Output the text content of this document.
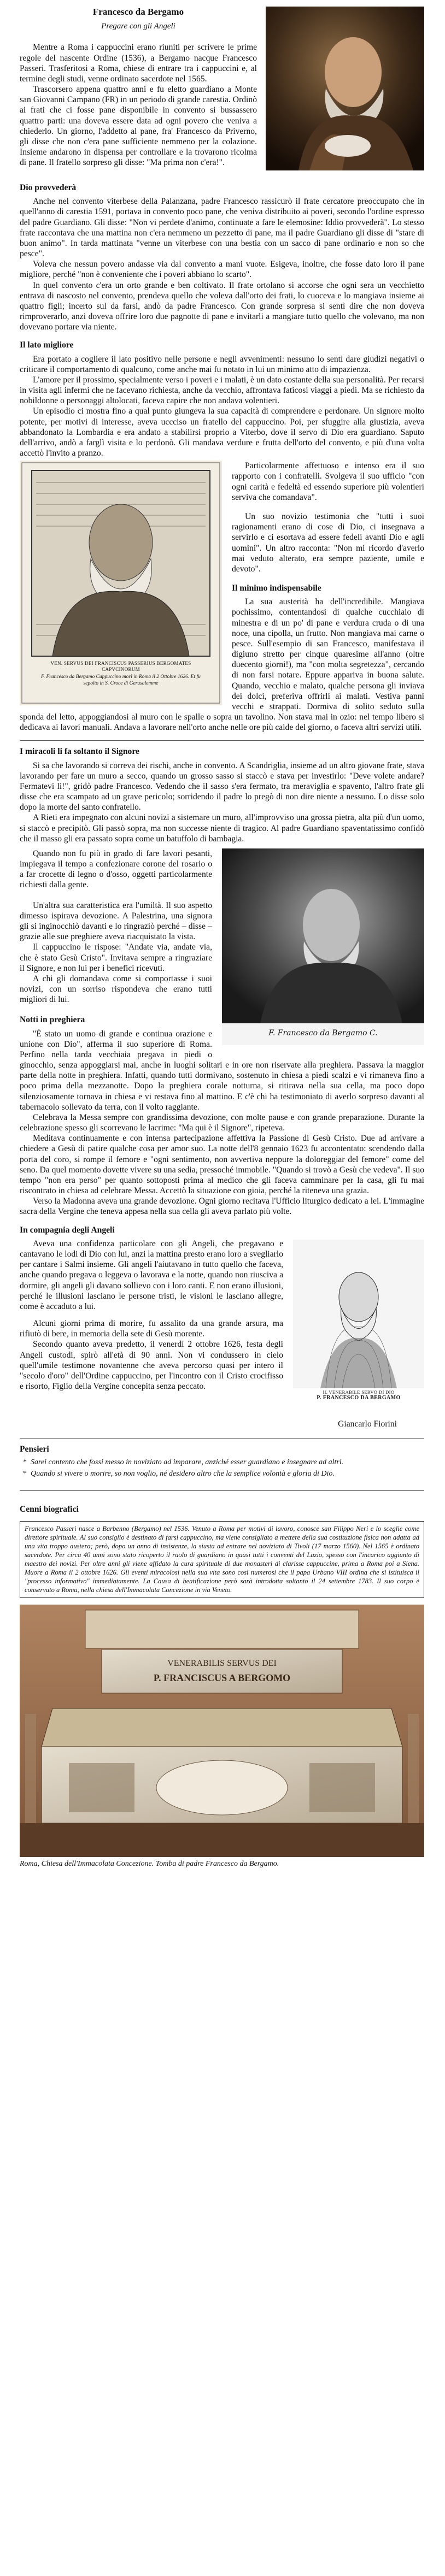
Francesco da Bergamo

Pregare con gli Angeli

Mentre a Roma i cappuccini erano riuniti per scrivere le prime regole del nascente Ordine (1536), a Bergamo nacque Francesco Passeri. Trasferitosi a Roma, chiese di entrare tra i cappuccini e, al termine degli studi, venne ordinato sacerdote nel 1565.

Trascorsero appena quattro anni e fu eletto guardiano a Monte san Giovanni Campano (FR) in un periodo di grande carestia. Ordinò ai frati che ci fosse pane disponibile in convento si bussassero quattro parti: una doveva essere data ad ogni povero che veniva a chiederlo. Un giorno, l'addetto al pane, fra' Francesco da Priverno, gli disse che non c'era pane sufficiente nemmeno per la colazione. Insieme andarono in dispensa per controllare e la trovarono ricolma di pane. Il fratello sorpreso gli disse: "Ma prima non c'era!".

Dio provvederà

Anche nel convento viterbese della Palanzana, padre Francesco rassicurò il frate cercatore preoccupato che in quell'anno di carestia 1591, portava in convento poco pane, che veniva distribuito ai poveri, secondo l'ordine espresso del padre Guardiano. Gli disse: "Non vi perdete d'animo, continuate a fare le elemosine: Iddio provvederà". Lo stesso frate raccontava che una mattina non c'era nemmeno un pezzetto di pane, ma il padre Guardiano gli disse di "stare di buon animo". In tarda mattinata "venne un viterbese con una bestia con un sacco di pane ordinario e non so che pesce".

Voleva che nessun povero andasse via dal convento a mani vuote. Esigeva, inoltre, che fosse dato loro il pane migliore, perché "non è conveniente che i poveri abbiano lo scarto".

In quel convento c'era un orto grande e ben coltivato. Il frate ortolano si accorse che ogni sera un vecchietto entrava di nascosto nel convento, prendeva quello che voleva dall'orto dei frati, lo cuoceva e lo mangiava insieme ai quattro figli; incerto sul da farsi, andò da padre Francesco. Con grande sorpresa si sentì dire che non doveva rimproverarlo, anzi doveva offrire loro due pagnotte di pane e invitarli a mangiare tutto quello che volevano, ma non dovevano portare via niente.

Il lato migliore

Era portato a cogliere il lato positivo nelle persone e negli avvenimenti: nessuno lo sentì dare giudizi negativi o criticare il comportamento di qualcuno, come anche mai fu notato in lui un minimo atto di impazienza.

L'amore per il prossimo, specialmente verso i poveri e i malati, è un dato costante della sua personalità. Per recarsi in visita agli infermi che ne facevano richiesta, anche da vecchio, affrontava faticosi viaggi a piedi. Ma se richiesto da nobildonne o personaggi altolocati, faceva capire che non andava volentieri.

Un episodio ci mostra fino a qual punto giungeva la sua capacità di comprendere e perdonare. Un signore molto potente, per motivi di interesse, aveva uccciso un fratello del cappuccino. Poi, per sfuggire alla giustizia, aveva abbandonato la Lombardia e era andato a stabilirsi proprio a Viterbo, dove il servo di Dio era guardiano. Saputo dell'arrivo, andò a farglì visita e lo perdonò. Gli mandava verdure e frutta dell'orto del convento, e più d'una volta accettò l'invito a pranzo.

VEN. SERVUS DEI FRANCISCUS PASSERIUS BERGOMATES CAPVCINORUM
F. Francesco da Bergamo Cappuccino morì in Roma il 2 Ottobre 1626. Et fu sepolto in S. Croce di Gerusalemme

Particolarmente affettuoso e intenso era il suo rapporto con i confratelli. Svolgeva il suo ufficio "con ogni carità e fedeltà ed essendo superiore più volentieri serviva che comandava".

Un suo novizio testimonia che "tutti i suoi ragionamenti erano di cose di Dio, ci insegnava a servirlo e ci esortava ad essere fedeli avanti Dio e agli uomini". Un altro racconta: "Non mi ricordo d'averlo mai veduto alterato, era sempre paziente, umile e devoto".

Il minimo indispensabile

La sua austerità ha dell'incredibile. Mangiava pochissimo, contentandosi di qualche cucchiaio di minestra e di un po' di pane e verdura cruda o di una noce, una cipolla, un frutto. Non mangiava mai carne o pesce. Sull'esempio di san Francesco, manifestava il digiuno stretto per cinque quaresime all'anno (oltre duecento giorni!), ma "con molta segretezza", cercando di non farsi notare. Eppure appariva in buona salute. Quando, vecchio e malato, qualche persona gli inviava dei dolci, preferiva offrirli ai malati. Vestiva panni vecchi e strappati. Dormiva di solito seduto sulla sponda del letto, appoggiandosi al muro con le spalle o sopra un tavolino. Non stava mai in ozio: nel tempo libero si dedicava ai lavori manuali. Andava a lavorare nell'orto anche nelle ore più calde del giorno, o faceva altri servizi utili.

I miracoli li fa soltanto il Signore

Si sa che lavorando si correva dei rischi, anche in convento. A Scandriglia, insieme ad un altro giovane frate, stava lavorando per fare un muro a secco, quando un grosso sasso si staccò e stava per investirlo: "Deve volete andare? Fermatevi lì!", gridò padre Francesco. Vedendo che il sasso s'era fermato, tra meraviglia e spavento, l'altro frate gli disse che era scampato ad un grave pericolo; sorridendo il padre lo pregò di non dire niente a nessuno. Lo disse solo dopo la morte del santo confratello.

A Rieti era impegnato con alcuni novizi a sistemare un muro, all'improvviso una grossa pietra, alta più d'un uomo, si staccò e precipitò. Gli passò sopra, ma non successe niente di tragico. Al padre Guardiano spaventatissimo confidò che il masso gli era passato sopra come un batuffolo di bambagia.

F. Francesco da Bergamo C.

Quando non fu più in grado di fare lavori pesanti, impiegava il tempo a confezionare corone del rosario o a far crocette di legno o d'osso, oggetti particolarmente richiesti dalla gente.

Un'altra sua caratteristica era l'umiltà. Il suo aspetto dimesso ispirava devozione. A Palestrina, una signora gli si inginocchiò davanti e lo ringraziò perché – disse – grazie alle sue preghiere aveva riacquistato la vista.

Il cappuccino le rispose: "Andate via, andate via, che è stato Gesù Cristo". Invitava sempre a ringraziare il Signore, e non lui per i benefici ricevuti.

A chi gli domandava come si comportasse i suoi novizi, con un sorriso rispondeva che erano tutti migliori di lui.

Notti in preghiera

"È stato un uomo di grande e continua orazione e unione con Dio", afferma il suo superiore di Roma. Perfino nella tarda vecchiaia pregava in piedi o ginocchio, senza appoggiarsi mai, anche in luoghi solitari e in ore non riservate alla preghiera. Passava la maggior parte della notte in preghiera. Infatti, quando tutti dormivano, sostenuto in chiesa a piedi scalzi e vi rimaneva fino a poco prima della mezzanotte. Dopo la preghiera corale notturna, si ritirava nella sua cella, ma poco dopo silenziosamente tornava in chiesa e vi restava fino al mattino. E c'è chi ha testimoniato di averlo sorpreso davanti al tabernacolo sollevato da terra, con il volto raggiante.

Celebrava la Messa sempre con grandissima devozione, con molte pause e con grande preparazione. Durante la celebrazione spesso gli scorrevano le lacrime: "Ma qui è il Signore", ripeteva.

Meditava continuamente e con intensa partecipazione affettiva la Passione di Gesù Cristo. Due ad arrivare a chiedere a Gesù di patire qualche cosa per amor suo. La notte dell'8 gennaio 1623 fu accontentato: scendendo dalla porta del coro, si rompe il femore e "ogni sentimento, non avvertiva neppure la doloreggiar del femore" come del seno. Da quel momento dovette vivere su una sedia, pressoché immobile. "Quando si trovò a Gesù che vedeva". Il suo tempo "non era perso" per quanto sottoposti prima al medico che gli faceva camminare per la casa, gli fu mai riscontrato in chiesa ad celebrare Messa. Accettò la situazione con gioia, perché la riteneva una grazia.

Verso la Madonna aveva una grande devozione. Ogni giorno recitava l'Ufficio liturgico dedicato a lei. L'immagine sacra della Vergine che teneva appesa nella sua cella gli aveva parlato più volte.

In compagnia degli Angeli
IL VENERABILE SERVO DI DIO
P. FRANCESCO DA BERGAMO

Aveva una confidenza particolare con gli Angeli, che pregavano e cantavano le lodi di Dio con lui, anzi la mattina presto erano loro a svegliarlo per cantare i Salmi insieme. Gli angeli l'aiutavano in tutto quello che faceva, anche quando pregava o leggeva o lavorava e la notte, quando non riusciva a dormire, gli angeli gli davano sollievo con i loro canti. E non erano illusioni, perché le illusioni lasciano le persone tristi, le visioni le lasciano allegre, come è accaduto a lui.

Alcuni giorni prima di morire, fu assalito da una grande arsura, ma rifiutò di bere, in memoria della sete di Gesù morente.

Secondo quanto aveva predetto, il venerdì 2 ottobre 1626, festa degli Angeli custodi, spirò all'età di 90 anni. Non vi condussero in cielo quell'umile testimone novantenne che aveva percorso quasi per intero il "secolo d'oro" dell'Ordine cappuccino, per l'incontro con il Cristo crocifisso e risorto, Figlio della Vergine concepita senza peccato.

Giancarlo Fiorini

Pensieri
* Sarei contento che fossi messo in noviziato ad imparare, anziché esser guardiano e insegnare ad altri.
* Quando si vivere o morire, so non voglio, né desidero altro che la semplice volontà e gloria di Dio.
Cenni biografici

Francesco Passeri nasce a Barbenno (Bergamo) nel 1536. Venuto a Roma per motivi di lavoro, conosce san Filippo Neri e lo sceglie come direttore spirituale. Al suo consiglio è destinato di farsi cappuccino, ma viene consigliato a mettere della sua costituzione fisica non adatta ad una vita troppo austera; però, dopo un anno di insistenze, la siusta ad entrare nel noviziato di Tivoli (17 marzo 1560). Nel 1565 è ordinato sacerdote. Per circa 40 anni sono stato ricoperto il ruolo di guardiano in quasi tutti i conventi del Lazio, spesso con l'incarico aggiunto di maestro dei novizi. Per oltre anni gli viene affidato la cura spirituale di due monasteri di clarisse cappuccine, prima a Roma poi a Siena. Muore a Roma il 2 ottobre 1626. Gli eventi miracolosi nella sua vita sono così numerosi che il papa Urbano VIII ordina che si istituisca il "processo informativo" immediatamente. La Causa di beatificazione però sarà introdotta soltanto il 24 settembre 1783. Il suo corpo è conservato a Roma, nella chiesa dell'Immacolata Concezione in via Veneto.

VENERABILIS SERVUS DEI
P. FRANCISCUS A BERGOMO

Roma, Chiesa dell'Immacolata Concezione. Tomba di padre Francesco da Bergamo.
